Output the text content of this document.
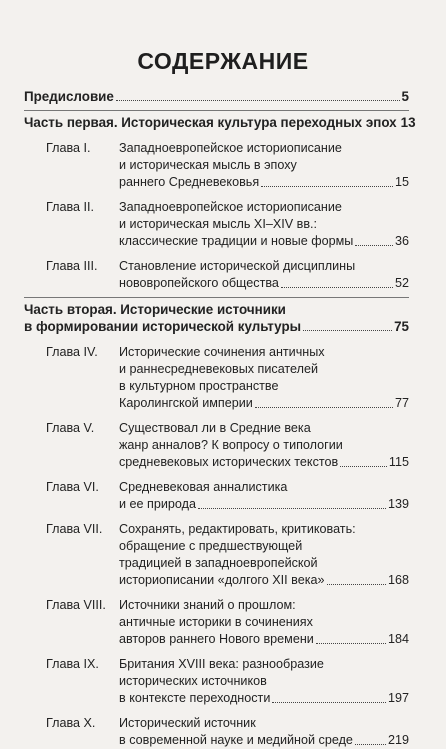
СОДЕРЖАНИЕ
Предисловие	5
Часть первая. Историческая культура переходных эпох 13
Глава I.	Западноевропейское историописание
и историческая мысль в эпоху
раннего Средневековья	15
Глава II.	Западноевропейское историописание
и историческая мысль XI–XIV вв.:
классические традиции и новые формы	36
Глава III.	Становление исторической дисциплины
нововропейского общества	52
Часть вторая. Исторические источники
в формировании исторической культуры	75
Глава IV.	Исторические сочинения античных
и раннесредневековых писателей
в культурном пространстве
Каролингской империи	77
Глава V.	Существовал ли в Средние века
жанр анналов? К вопросу о типологии
средневековых исторических текстов	115
Глава VI.	Средневековая анналистика
и ее природа	139
Глава VII.	Сохранять, редактировать, критиковать:
обращение с предшествующей
традицией в западноевропейской
историописании «долгого XII века»	168
Глава VIII.	Источники знаний о прошлом:
античные историки в сочинениях
авторов раннего Нового времени	184
Глава IX.	Британия XVIII века: разнообразие
исторических источников
в контексте переходности	197
Глава X.	Исторический источник
в современной науке и медийной среде	219
